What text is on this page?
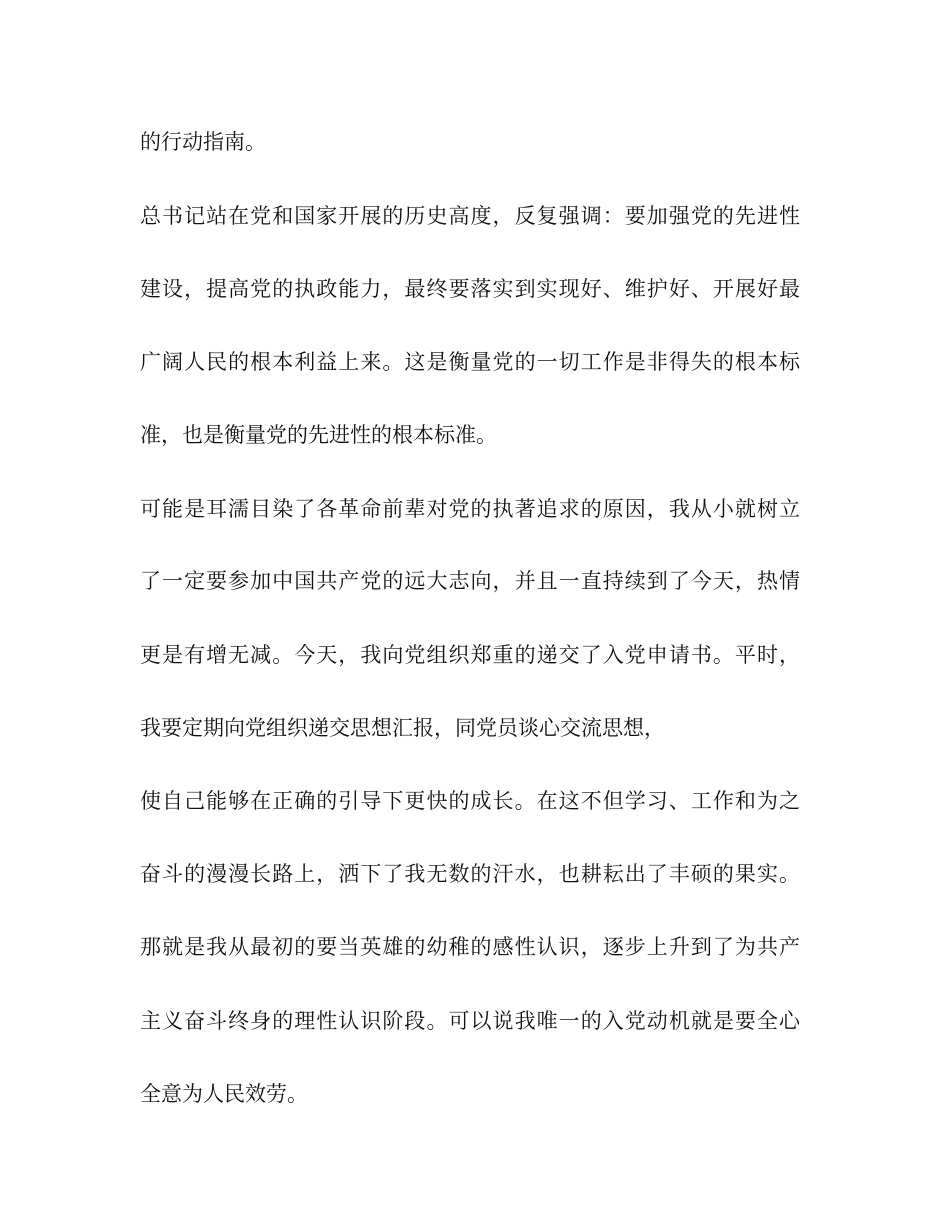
的行动指南。
总书记站在党和国家开展的历史高度，反复强调：要加强党的先进性
建设，提高党的执政能力，最终要落实到实现好、维护好、开展好最
广阔人民的根本利益上来。这是衡量党的一切工作是非得失的根本标
准，也是衡量党的先进性的根本标准。
可能是耳濡目染了各革命前辈对党的执著追求的原因，我从小就树立
了一定要参加中国共产党的远大志向，并且一直持续到了今天，热情
更是有增无减。今天，我向党组织郑重的递交了入党申请书。平时，
我要定期向党组织递交思想汇报，同党员谈心交流思想，
使自己能够在正确的引导下更快的成长。在这不但学习、工作和为之
奋斗的漫漫长路上，洒下了我无数的汗水，也耕耘出了丰硕的果实。
那就是我从最初的要当英雄的幼稚的感性认识，逐步上升到了为共产
主义奋斗终身的理性认识阶段。可以说我唯一的入党动机就是要全心
全意为人民效劳。
